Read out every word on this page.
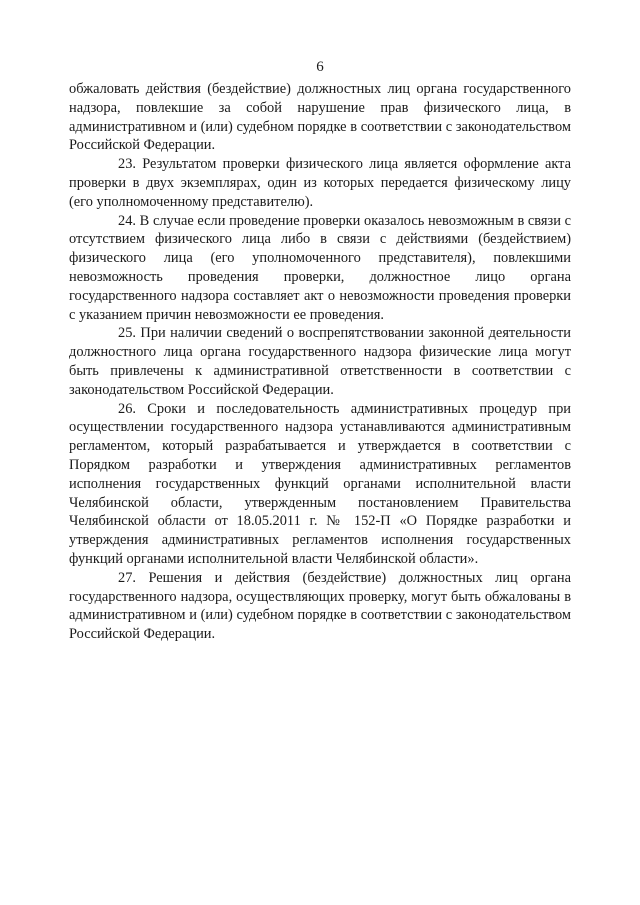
6

обжаловать действия (бездействие) должностных лиц органа государственного надзора, повлекшие за собой нарушение прав физического лица, в административном и (или) судебном порядке в соответствии с законодательством Российской Федерации.

23. Результатом проверки физического лица является оформление акта проверки в двух экземплярах, один из которых передается физическому лицу (его уполномоченному представителю).

24. В случае если проведение проверки оказалось невозможным в связи с отсутствием физического лица либо в связи с действиями (бездействием) физического лица (его уполномоченного представителя), повлекшими невозможность проведения проверки, должностное лицо органа государственного надзора составляет акт о невозможности проведения проверки с указанием причин невозможности ее проведения.

25. При наличии сведений о воспрепятствовании законной деятельности должностного лица органа государственного надзора физические лица могут быть привлечены к административной ответственности в соответствии с законодательством Российской Федерации.

26. Сроки и последовательность административных процедур при осуществлении государственного надзора устанавливаются административным регламентом, который разрабатывается и утверждается в соответствии с Порядком разработки и утверждения административных регламентов исполнения государственных функций органами исполнительной власти Челябинской области, утвержденным постановлением Правительства Челябинской области от 18.05.2011 г. № 152-П «О Порядке разработки и утверждения административных регламентов исполнения государственных функций органами исполнительной власти Челябинской области».

27. Решения и действия (бездействие) должностных лиц органа государственного надзора, осуществляющих проверку, могут быть обжалованы в административном и (или) судебном порядке в соответствии с законодательством Российской Федерации.
